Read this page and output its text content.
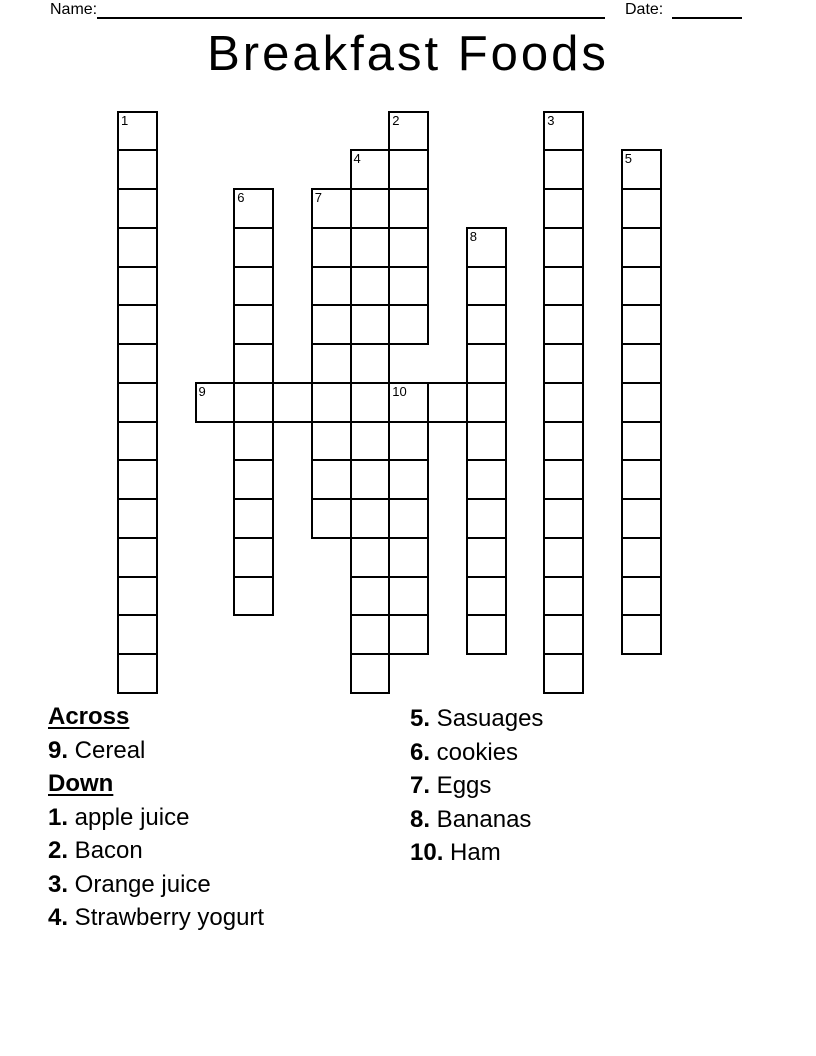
Name:	Date:
Breakfast Foods
1	2	3
4	5
6	7
8
9	10
Across
9. Cereal
Down
1. apple juice
2. Bacon
3. Orange juice
4. Strawberry yogurt
5. Sasuages
6. cookies
7. Eggs
8. Bananas
10. Ham
